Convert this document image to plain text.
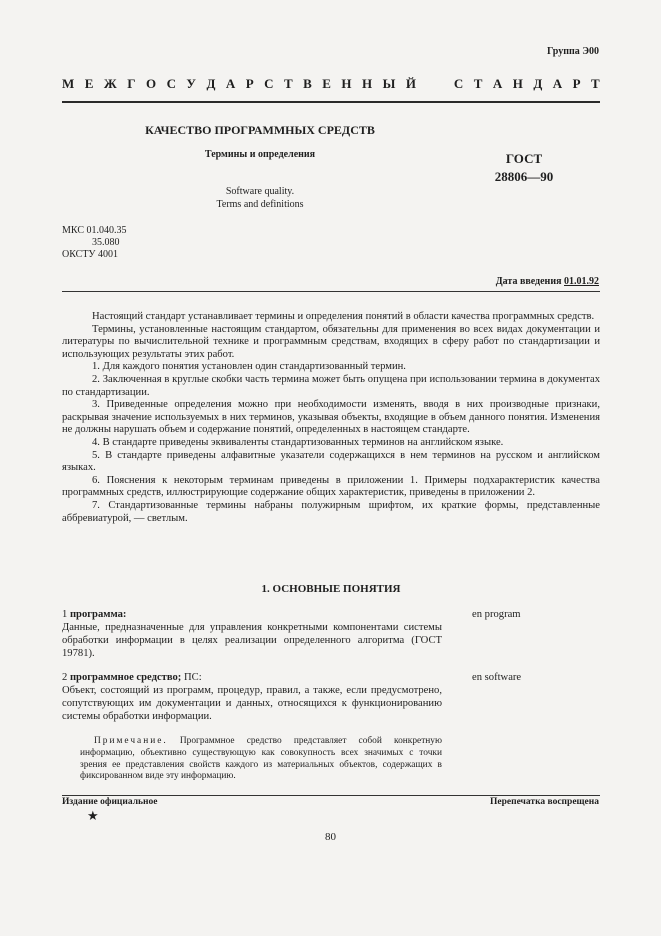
Группа Э00
М Е Ж Г О С У Д А Р С Т В Е Н Н Ы Й

	С Т А Н Д А Р Т
КАЧЕСТВО ПРОГРАММНЫХ СРЕДСТВ
Термины и определения
Software quality.
Terms and definitions
ГОСТ
28806—90
МКС 01.040.35
35.080
ОКСТУ 4001
Дата введения 01.01.92

Настоящий стандарт устанавливает термины и определения понятий в области качества программных средств.

Термины, установленные настоящим стандартом, обязательны для применения во всех видах документации и литературы по вычислительной технике и программным средствам, входящих в сферу работ по стандартизации и использующих результаты этих работ.

1. Для каждого понятия установлен один стандартизованный термин.

2. Заключенная в круглые скобки часть термина может быть опущена при использовании термина в документах по стандартизации.

3. Приведенные определения можно при необходимости изменять, вводя в них производные признаки, раскрывая значение используемых в них терминов, указывая объекты, входящие в объем данного понятия. Изменения не должны нарушать объем и содержание понятий, определенных в настоящем стандарте.

4. В стандарте приведены эквиваленты стандартизованных терминов на английском языке.

5. В стандарте приведены алфавитные указатели содержащихся в нем терминов на русском и английском языках.

6. Пояснения к некоторым терминам приведены в приложении 1. Примеры подхарактеристик качества программных средств, иллюстрирующие содержание общих характеристик, приведены в приложении 2.

7. Стандартизованные термины набраны полужирным шрифтом, их краткие формы, представленные аббревиатурой, — светлым.

1. ОСНОВНЫЕ ПОНЯТИЯ
1 программа:
Данные, предназначенные для управления конкретными компонентами системы обработки информации в целях реализации определенного алгоритма (ГОСТ 19781).
en program
2 программное средство; ПС:
Объект, состоящий из программ, процедур, правил, а также, если предусмотрено, сопутствующих им документации и данных, относящихся к функционированию системы обработки информации.
en software
Примечание. Программное средство представляет собой конкретную информацию, объективно существующую как совокупность всех значимых с точки зрения ее представления свойств каждого из материальных объектов, содержащих в фиксированном виде эту информацию.
Издание официальное	Перепечатка воспрещена
★
80
